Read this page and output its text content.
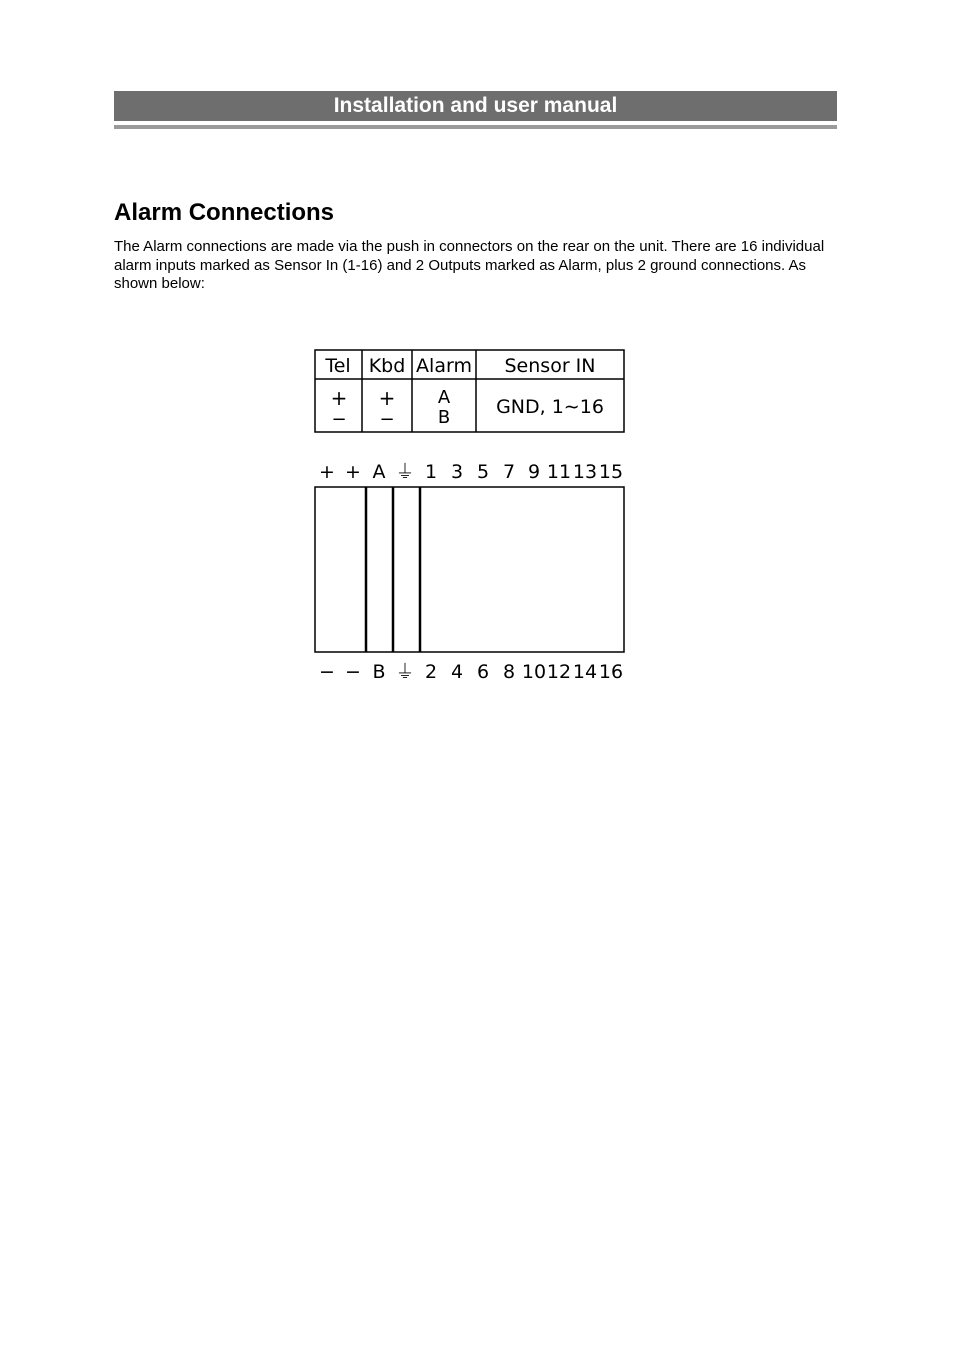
Installation and user manual
Alarm Connections

The Alarm connections are made via the push in connectors on the rear on the unit. There are 16 individual alarm inputs marked as Sensor In (1-16) and 2 Outputs marked as Alarm, plus 2 ground connections. As shown below:

Tel Kbd Alarm Sensor IN
+
−
+
−
A
B GND, 1∼16
+ + A ⏚ 1 3 5 7 9 11 13 15
− − B ⏚ 2 4 6 8 10 12 14 16
